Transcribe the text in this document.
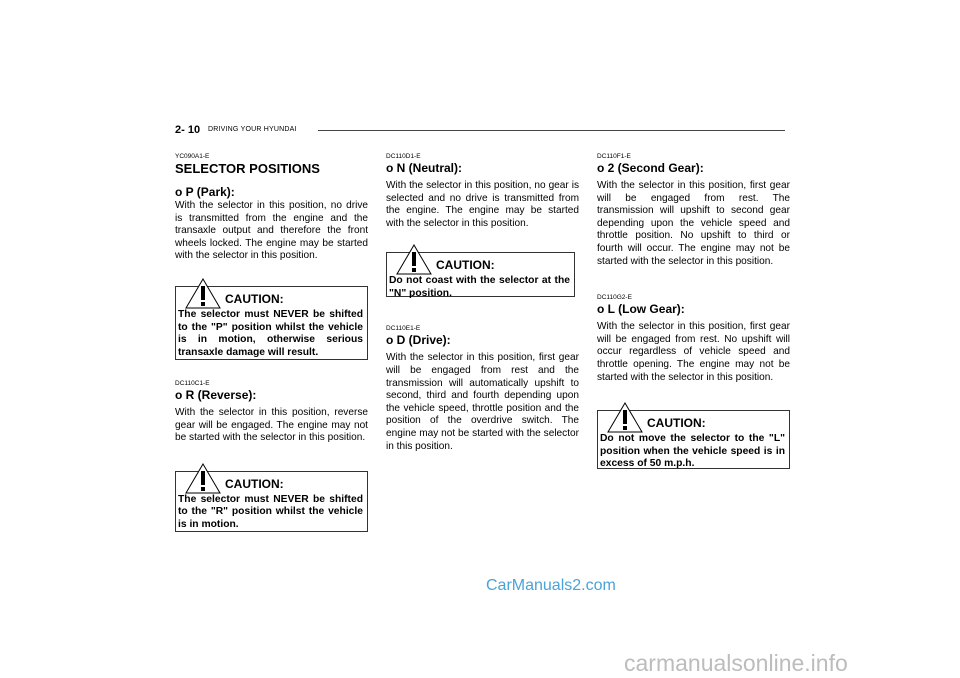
2- 10 DRIVING YOUR HYUNDAI

YC090A1-E

SELECTOR POSITIONS

o P (Park):

With the selector in this position, no drive is transmitted from the engine and the transaxle output and therefore the front wheels locked. The engine may be started with the selector in this position.

CAUTION:

The selector must NEVER be shifted to the "P" position whilst the vehicle is in motion, otherwise serious transaxle damage will result.

DC110C1-E

o R (Reverse):

With the selector in this position, reverse gear will be engaged. The engine may not be started with the selector in this position.

CAUTION:

The selector must NEVER be shifted to the "R" position whilst the vehicle is in motion.

DC110D1-E

o N (Neutral):

With the selector in this position, no gear is selected and no drive is transmitted from the engine. The engine may be started with the selector in this position.

CAUTION:

Do not coast with the selector at the "N" position.

DC110E1-E

o D (Drive):

With the selector in this position, first gear will be engaged from rest and the transmission will automatically upshift to second, third and fourth depending upon the vehicle speed, throttle position and the position of the overdrive switch. The engine may not be started with the selector in this position.

DC110F1-E

o 2 (Second Gear):

With the selector in this position, first gear will be engaged from rest. The transmission will upshift to second gear depending upon the vehicle speed and throttle position. No upshift to third or fourth will occur. The engine may not be started with the selector in this position.

DC110G2-E

o L (Low Gear):

With the selector in this position, first gear will be engaged from rest. No upshift will occur regardless of vehicle speed and throttle opening. The engine may not be started with the selector in this position.

CAUTION:

Do not move the selector to the "L" position when the vehicle speed is in excess of 50 m.p.h.

CarManuals2.com
carmanualsonline.info
